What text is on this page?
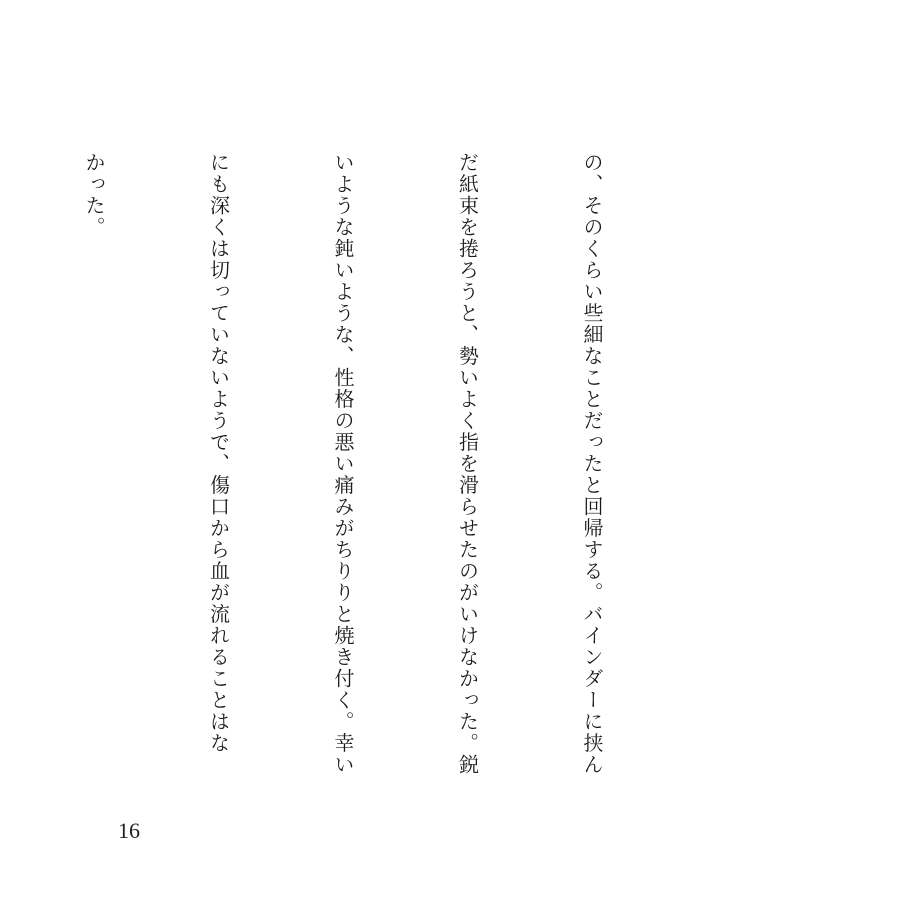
の、そのくらい些細なことだったと回帰する。バインダーに挟ん

だ紙束を捲ろうと、勢いよく指を滑らせたのがいけなかった。鋭

いような鈍いような、性格の悪い痛みがちりりと焼き付く。幸い

にも深くは切っていないようで、傷口から血が流れることはな

かった。

16
